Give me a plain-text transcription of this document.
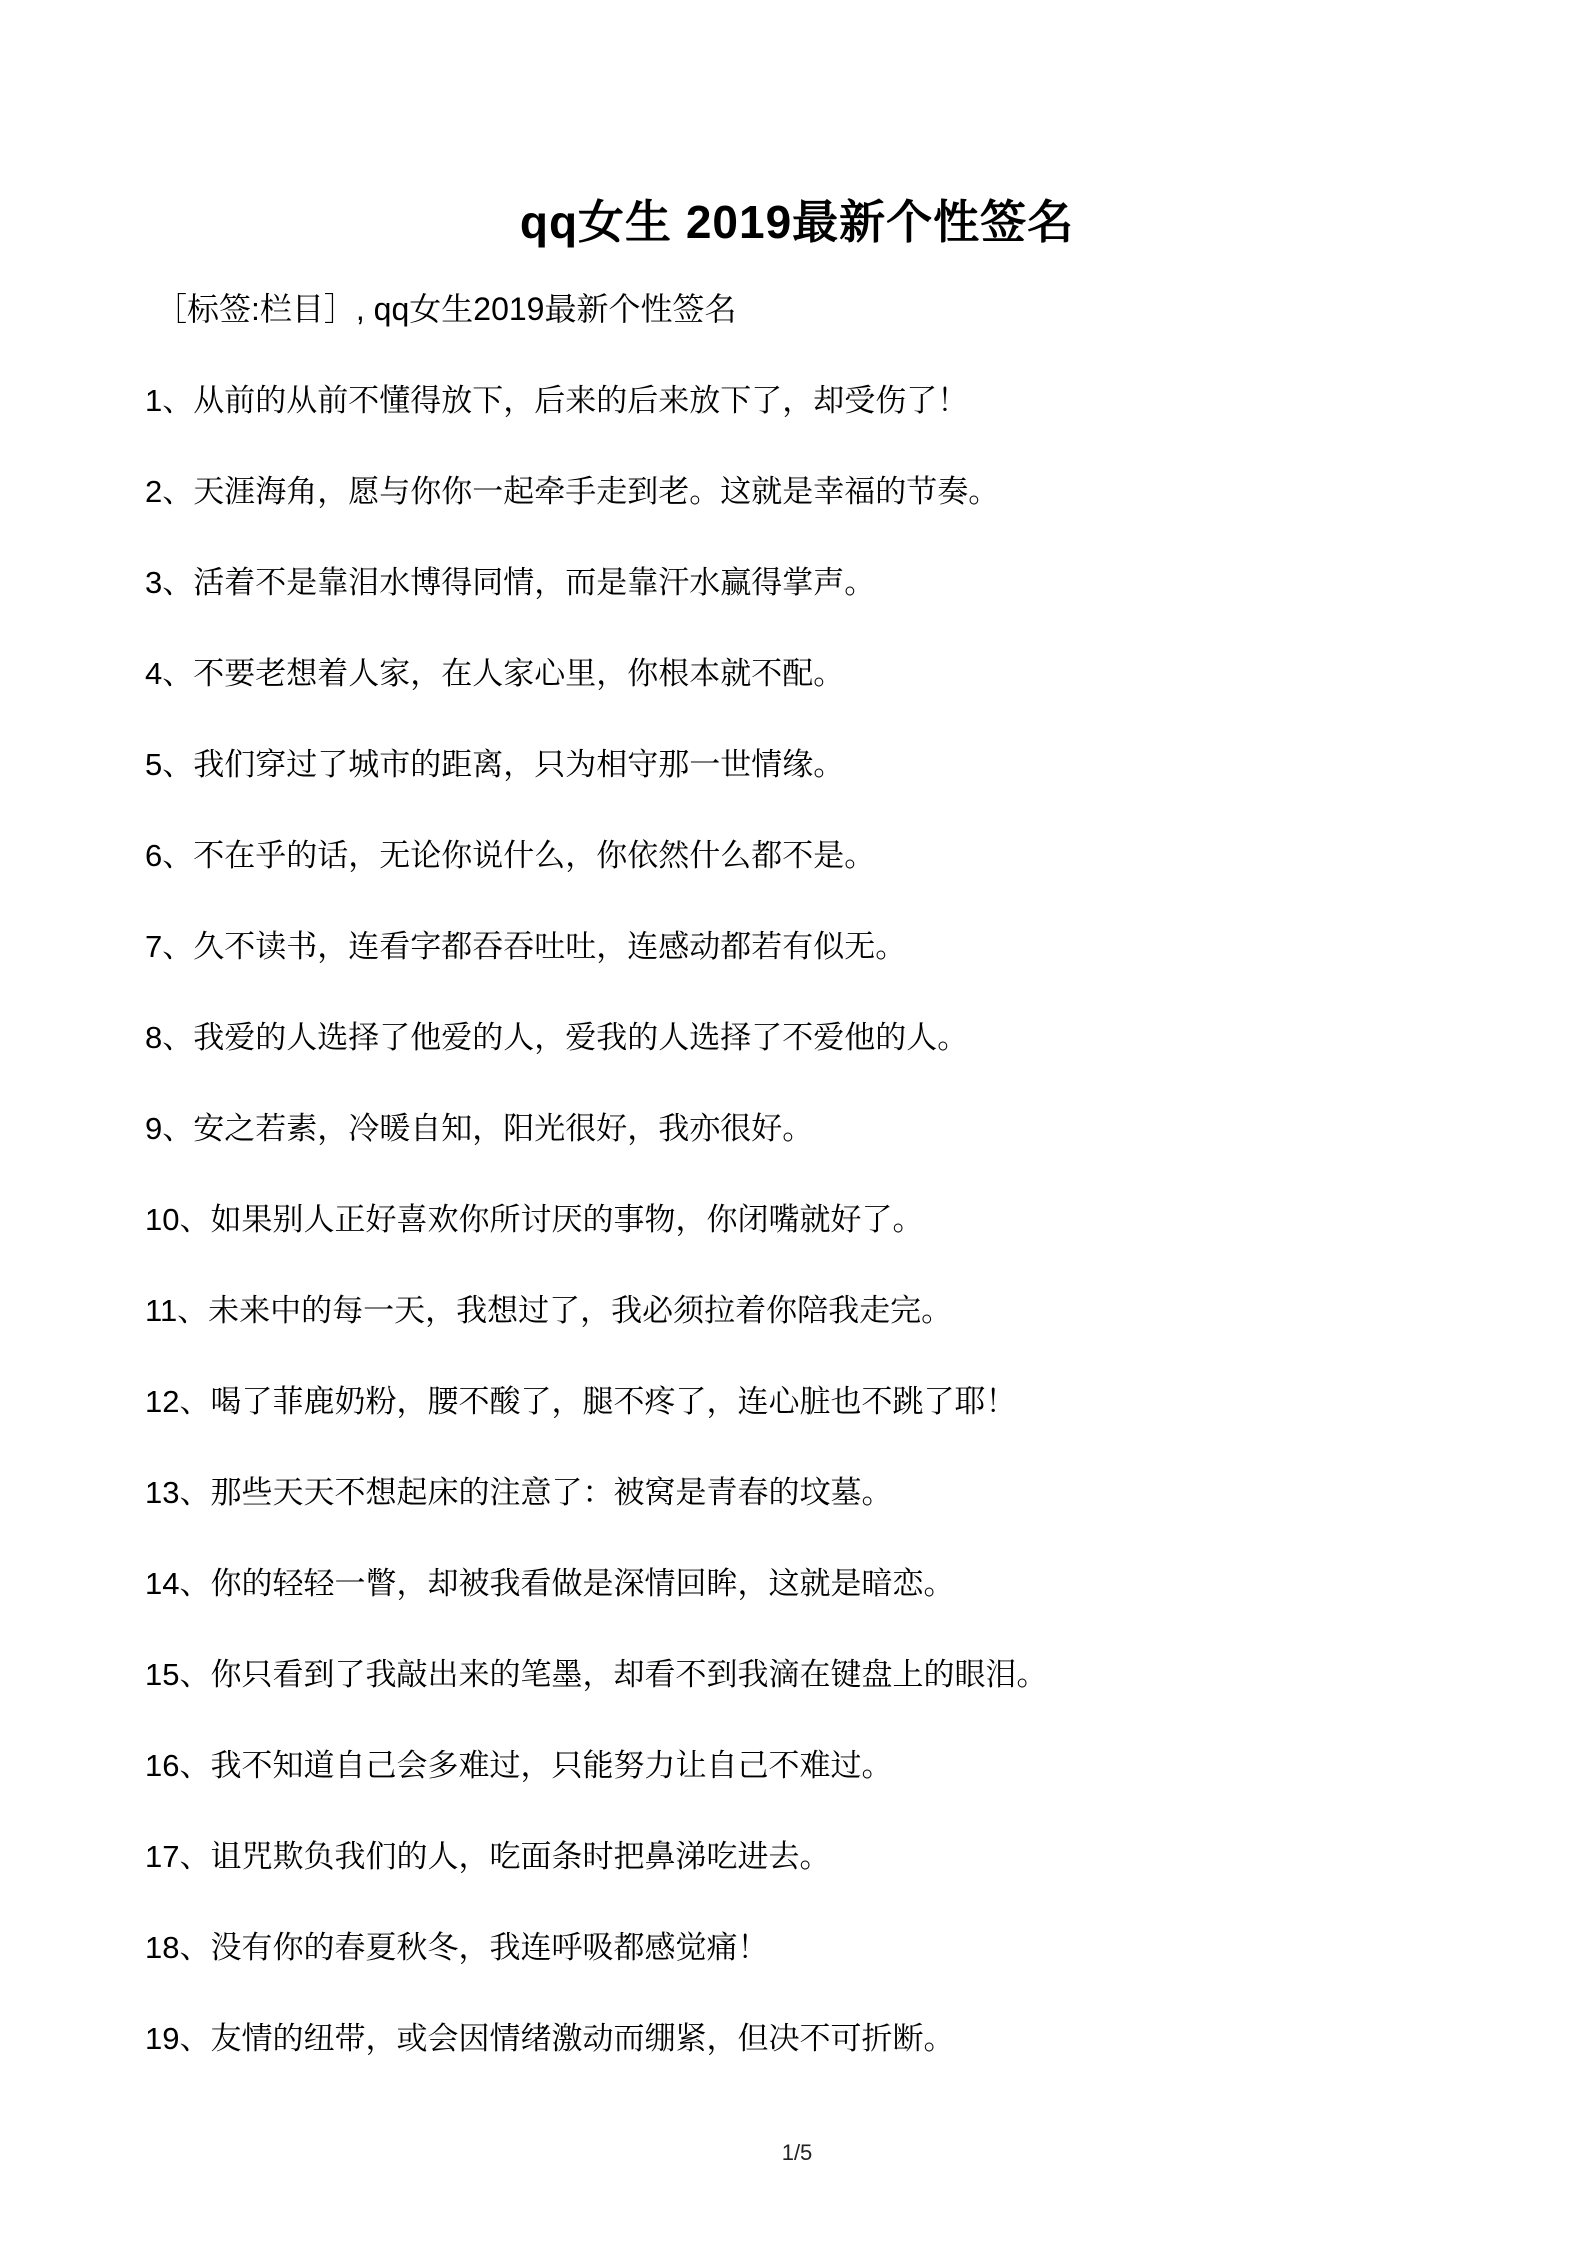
qq女生 2019最新个性签名

［标签:栏目］, qq女生2019最新个性签名

1、从前的从前不懂得放下，后来的后来放下了，却受伤了！
2、天涯海角，愿与你你一起牵手走到老。这就是幸福的节奏。
3、活着不是靠泪水博得同情，而是靠汗水赢得掌声。
4、不要老想着人家，在人家心里，你根本就不配。
5、我们穿过了城市的距离，只为相守那一世情缘。
6、不在乎的话，无论你说什么，你依然什么都不是。
7、久不读书，连看字都吞吞吐吐，连感动都若有似无。
8、我爱的人选择了他爱的人，爱我的人选择了不爱他的人。
9、安之若素，冷暖自知，阳光很好，我亦很好。
10、如果别人正好喜欢你所讨厌的事物，你闭嘴就好了。
11、未来中的每一天，我想过了，我必须拉着你陪我走完。
12、喝了菲鹿奶粉，腰不酸了，腿不疼了，连心脏也不跳了耶！
13、那些天天不想起床的注意了：被窝是青春的坟墓。
14、你的轻轻一瞥，却被我看做是深情回眸，这就是暗恋。
15、你只看到了我敲出来的笔墨，却看不到我滴在键盘上的眼泪。
16、我不知道自己会多难过，只能努力让自己不难过。
17、诅咒欺负我们的人，吃面条时把鼻涕吃进去。
18、没有你的春夏秋冬，我连呼吸都感觉痛！
19、友情的纽带，或会因情绪激动而绷紧，但决不可折断。
1/5
